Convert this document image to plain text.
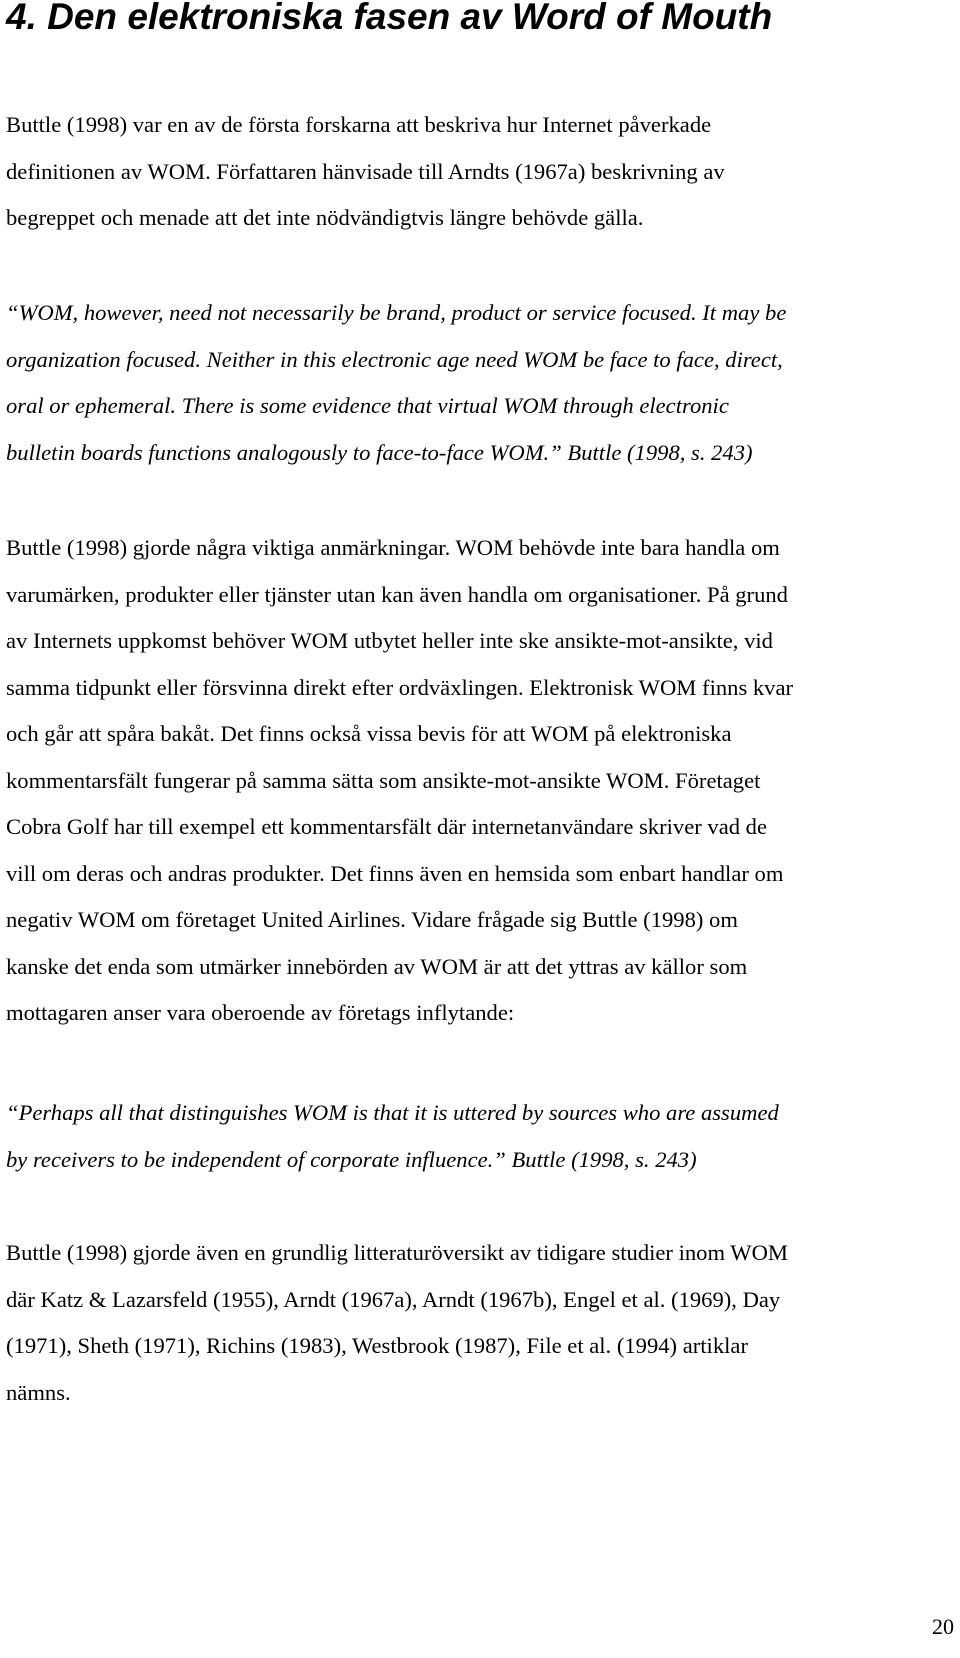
4. Den elektroniska fasen av Word of Mouth

Buttle (1998) var en av de första forskarna att beskriva hur Internet påverkade
definitionen av WOM. Författaren hänvisade till Arndts (1967a) beskrivning av
begreppet och menade att det inte nödvändigtvis längre behövde gälla.

“WOM, however, need not necessarily be brand, product or service focused. It may be
organization focused. Neither in this electronic age need WOM be face to face, direct,
oral or ephemeral. There is some evidence that virtual WOM through electronic
bulletin boards functions analogously to face-to-face WOM.” Buttle (1998, s. 243)

Buttle (1998) gjorde några viktiga anmärkningar. WOM behövde inte bara handla om
varumärken, produkter eller tjänster utan kan även handla om organisationer. På grund
av Internets uppkomst behöver WOM utbytet heller inte ske ansikte-mot-ansikte, vid
samma tidpunkt eller försvinna direkt efter ordväxlingen. Elektronisk WOM finns kvar
och går att spåra bakåt. Det finns också vissa bevis för att WOM på elektroniska
kommentarsfält fungerar på samma sätta som ansikte-mot-ansikte WOM. Företaget
Cobra Golf har till exempel ett kommentarsfält där internetanvändare skriver vad de
vill om deras och andras produkter. Det finns även en hemsida som enbart handlar om
negativ WOM om företaget United Airlines. Vidare frågade sig Buttle (1998) om
kanske det enda som utmärker innebörden av WOM är att det yttras av källor som
mottagaren anser vara oberoende av företags inflytande:

“Perhaps all that distinguishes WOM is that it is uttered by sources who are assumed
by receivers to be independent of corporate influence.” Buttle (1998, s. 243)

Buttle (1998) gjorde även en grundlig litteraturöversikt av tidigare studier inom WOM
där Katz & Lazarsfeld (1955), Arndt (1967a), Arndt (1967b), Engel et al. (1969), Day
(1971), Sheth (1971), Richins (1983), Westbrook (1987), File et al. (1994) artiklar
nämns.

20
